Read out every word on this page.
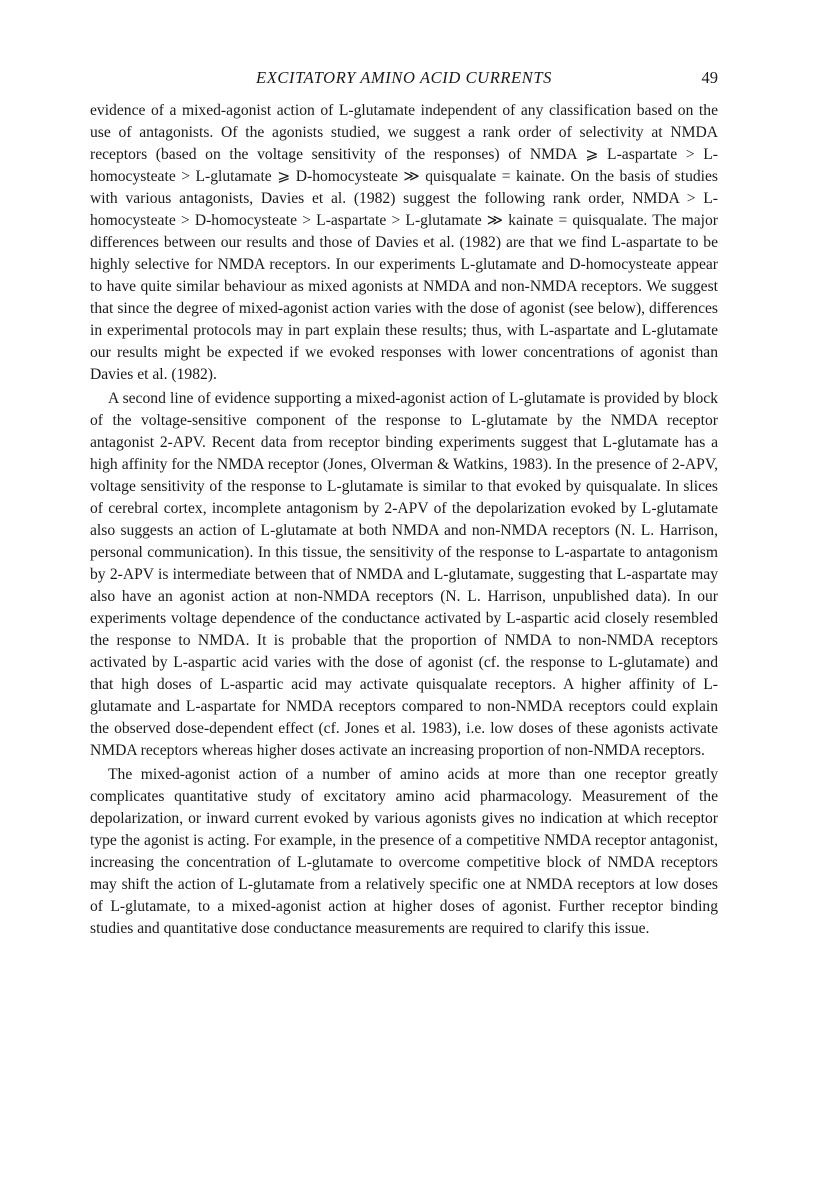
EXCITATORY AMINO ACID CURRENTS	49

evidence of a mixed-agonist action of L-glutamate independent of any classification based on the use of antagonists. Of the agonists studied, we suggest a rank order of selectivity at NMDA receptors (based on the voltage sensitivity of the responses) of NMDA ⩾ L-aspartate > L-homocysteate > L-glutamate ⩾ D-homocysteate ≫ quisqualate = kainate. On the basis of studies with various antagonists, Davies et al. (1982) suggest the following rank order, NMDA > L-homocysteate > D-homocysteate > L-aspartate > L-glutamate ≫ kainate = quisqualate. The major differences between our results and those of Davies et al. (1982) are that we find L-aspartate to be highly selective for NMDA receptors. In our experiments L-glutamate and D-homocysteate appear to have quite similar behaviour as mixed agonists at NMDA and non-NMDA receptors. We suggest that since the degree of mixed-agonist action varies with the dose of agonist (see below), differences in experimental protocols may in part explain these results; thus, with L-aspartate and L-glutamate our results might be expected if we evoked responses with lower concentrations of agonist than Davies et al. (1982).

A second line of evidence supporting a mixed-agonist action of L-glutamate is provided by block of the voltage-sensitive component of the response to L-glutamate by the NMDA receptor antagonist 2-APV. Recent data from receptor binding experiments suggest that L-glutamate has a high affinity for the NMDA receptor (Jones, Olverman & Watkins, 1983). In the presence of 2-APV, voltage sensitivity of the response to L-glutamate is similar to that evoked by quisqualate. In slices of cerebral cortex, incomplete antagonism by 2-APV of the depolarization evoked by L-glutamate also suggests an action of L-glutamate at both NMDA and non-NMDA receptors (N. L. Harrison, personal communication). In this tissue, the sensitivity of the response to L-aspartate to antagonism by 2-APV is intermediate between that of NMDA and L-glutamate, suggesting that L-aspartate may also have an agonist action at non-NMDA receptors (N. L. Harrison, unpublished data). In our experiments voltage dependence of the conductance activated by L-aspartic acid closely resembled the response to NMDA. It is probable that the proportion of NMDA to non-NMDA receptors activated by L-aspartic acid varies with the dose of agonist (cf. the response to L-glutamate) and that high doses of L-aspartic acid may activate quisqualate receptors. A higher affinity of L-glutamate and L-aspartate for NMDA receptors compared to non-NMDA receptors could explain the observed dose-dependent effect (cf. Jones et al. 1983), i.e. low doses of these agonists activate NMDA receptors whereas higher doses activate an increasing proportion of non-NMDA receptors.

The mixed-agonist action of a number of amino acids at more than one receptor greatly complicates quantitative study of excitatory amino acid pharmacology. Measurement of the depolarization, or inward current evoked by various agonists gives no indication at which receptor type the agonist is acting. For example, in the presence of a competitive NMDA receptor antagonist, increasing the concentration of L-glutamate to overcome competitive block of NMDA receptors may shift the action of L-glutamate from a relatively specific one at NMDA receptors at low doses of L-glutamate, to a mixed-agonist action at higher doses of agonist. Further receptor binding studies and quantitative dose conductance measurements are required to clarify this issue.
